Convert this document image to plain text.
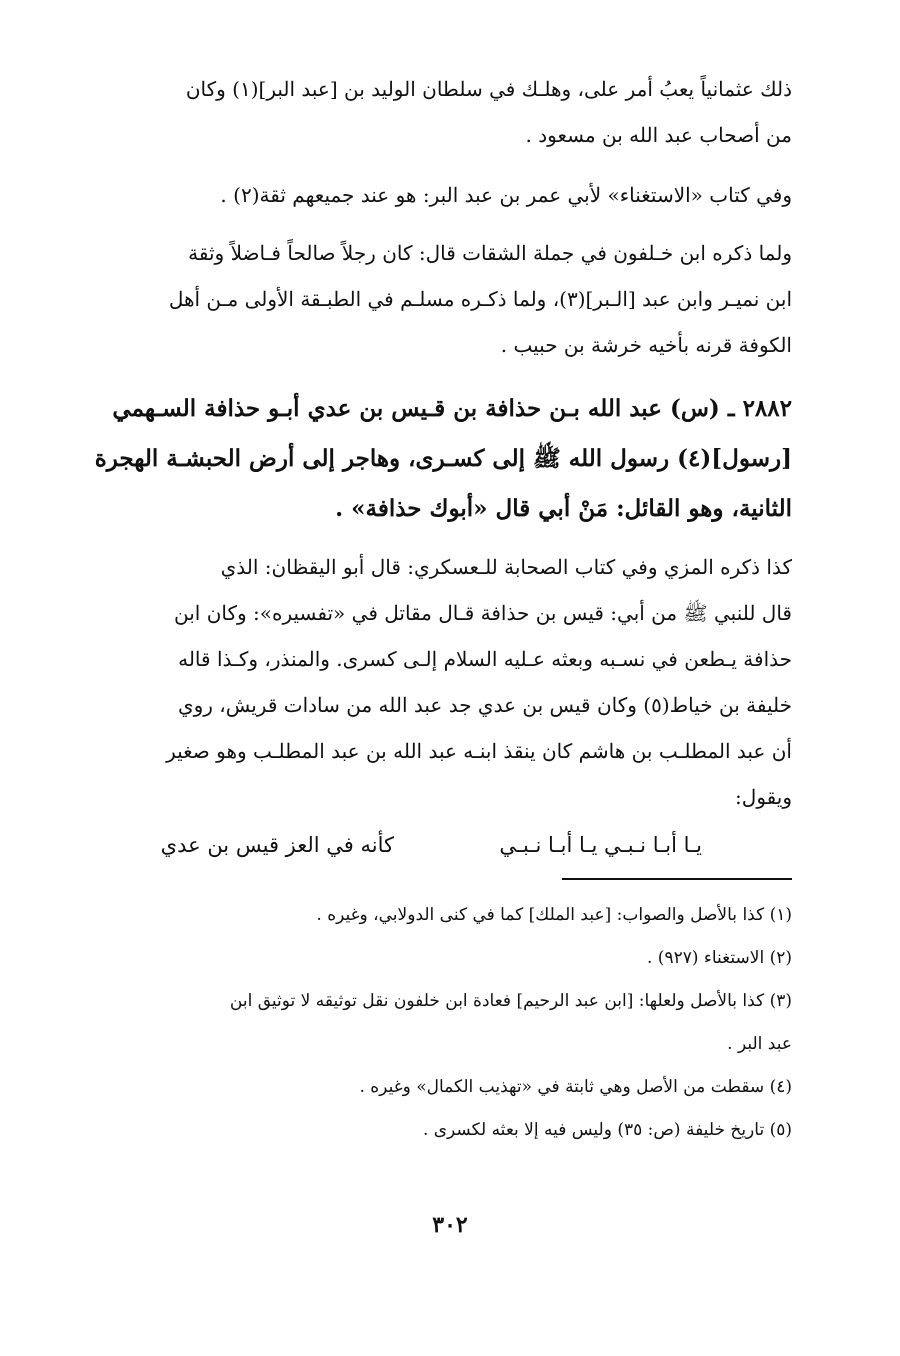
ذلك عثمانياً يعبُ أمر على، وهلـك في سلطان الوليد بن [عبد البر](١) وكان
من أصحاب عبد الله بن مسعود .
وفي كتاب «الاستغناء» لأبي عمر بن عبد البر: هو عند جميعهم ثقة(٢) .
ولما ذكره ابن خـلفون في جملة الشقات قال: كان رجلاً صالحاً فـاضلاً وثقة
ابن نميـر وابن عبد [الـبر](٣)، ولما ذكـره مسلـم في الطبـقة الأولى مـن أهل
الكوفة قرنه بأخيه خرشة بن حبيب .
٢٨٨٢ ـ (س) عبد الله بـن حذافة بن قـيس بن عدي أبـو حذافة السـهمي
[رسول](٤) رسول الله ﷺ إلى كسـرى، وهاجر إلى أرض الحبشـة الهجرة
الثانية، وهو القائل: مَنْ أبي قال «أبوك حذافة» .
كذا ذكره المزي وفي كتاب الصحابة للـعسكري: قال أبو اليقظان: الذي
قال للنبي ﷺ من أبي: قيس بن حذافة قـال مقاتل في «تفسيره»: وكان ابن
حذافة يـطعن في نسـبه وبعثه عـليه السلام إلـى كسرى. والمنذر، وكـذا قاله
خليفة بن خياط(٥) وكان قيس بن عدي جد عبد الله من سادات قريش، روي
أن عبد المطلـب بن هاشم كان ينقذ ابنـه عبد الله بن عبد المطلـب وهو صغير
ويقول:
يـا أبـا نـبـي يـا أبـا نـبـي
كأنه في العز قيس بن عدي
(١) كذا بالأصل والصواب: [عبد الملك] كما في كنى الدولابي، وغيره .
(٢) الاستغناء (٩٢٧) .
(٣) كذا بالأصل ولعلها: [ابن عبد الرحيم] فعادة ابن خلفون نقل توثيقه لا توثيق ابن
عبد البر .
(٤) سقطت من الأصل وهي ثابتة في «تهذيب الكمال» وغيره .
(٥) تاريخ خليفة (ص: ٣٥) وليس فيه إلا بعثه لكسرى .
٣٠٢
